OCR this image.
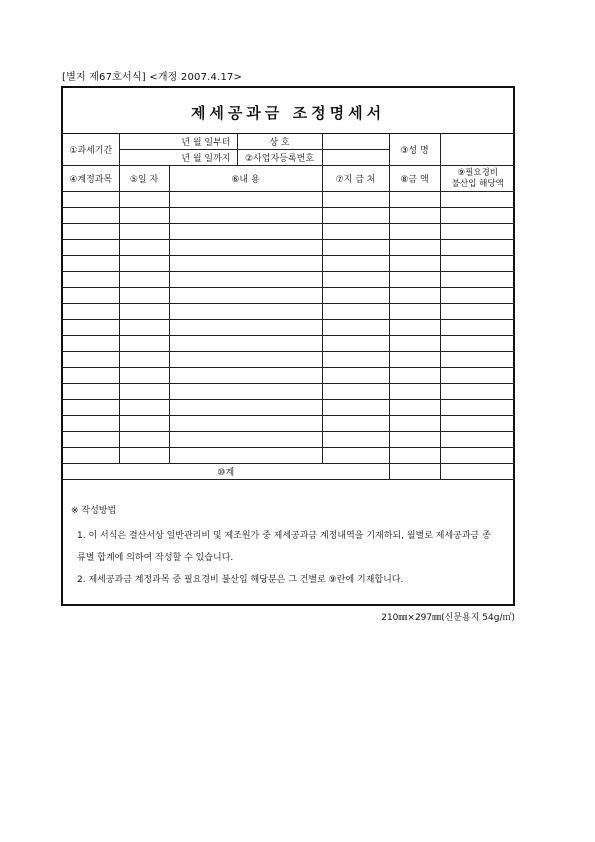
[별지 제67호서식] <개정 2007.4.17>
제세공과금 조정명세서
①과세기간	년 월 일부터		상 호		③성 명	
	년 월 일까지		②사업자등록번호			
④계정과목	⑤일 자	⑥내 용		⑦지 급 처	⑧금 액	⑨필요경비
불산입 해당액

⑩계						
※ 작성방법
1. 이 서식은 결산서상 일반관리비 및 제조원가 중 제세공과금 계정내역을 기재하되, 월별로 제세공과금 종류별 합계에 의하여 작성할 수 있습니다.
2. 제세공과금 계정과목 중 필요경비 불산입 해당분은 그 건별로 ⑨란에 기재합니다.
210㎜×297㎜(신문용지 54g/㎡)
